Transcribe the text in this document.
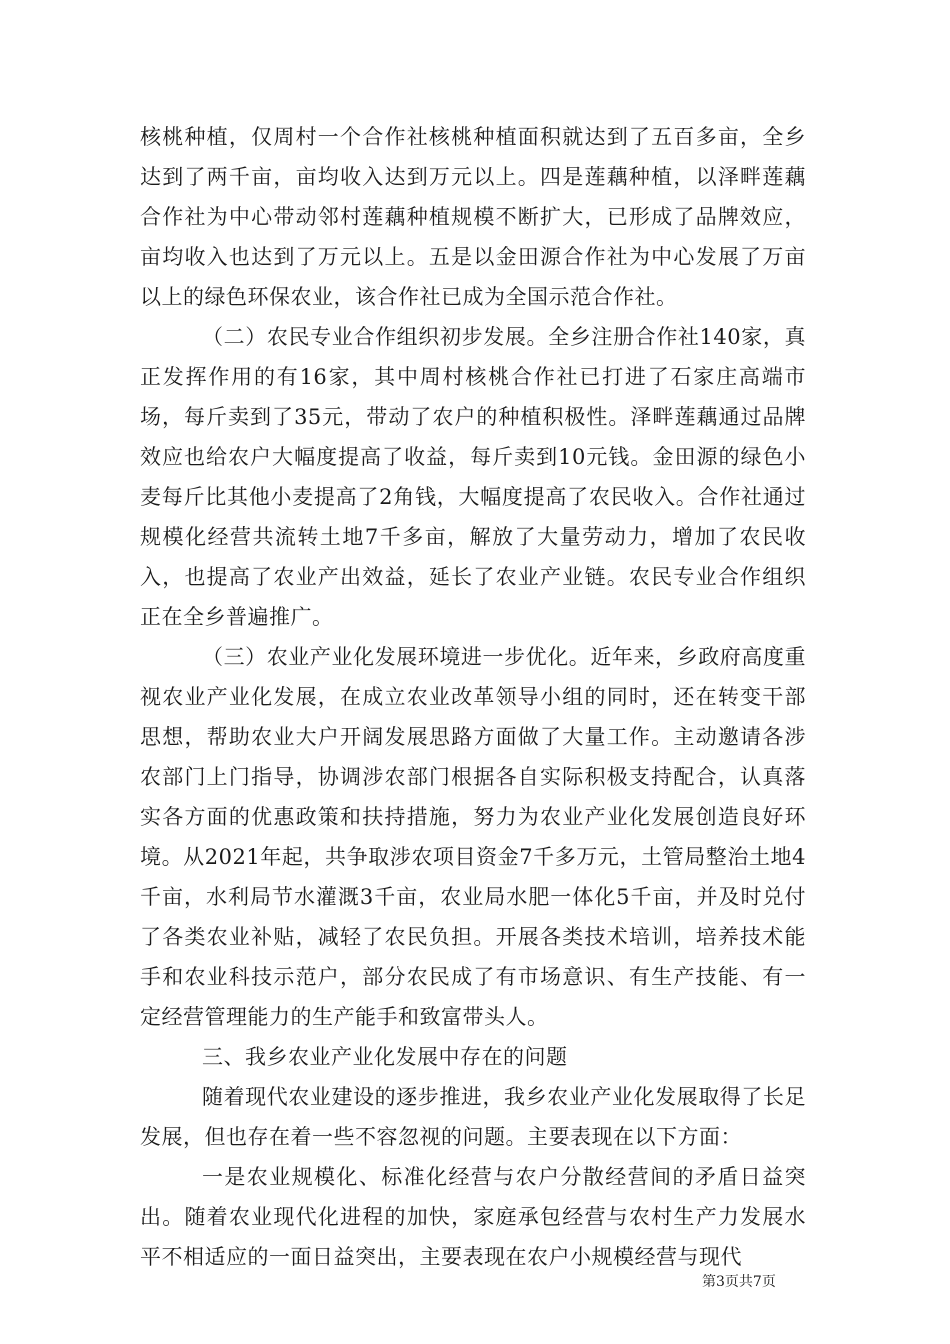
核桃种植，仅周村一个合作社核桃种植面积就达到了五百多亩，全乡达到了两千亩，亩均收入达到万元以上。四是莲藕种植，以泽畔莲藕合作社为中心带动邻村莲藕种植规模不断扩大，已形成了品牌效应，亩均收入也达到了万元以上。五是以金田源合作社为中心发展了万亩以上的绿色环保农业，该合作社已成为全国示范合作社。

（二）农民专业合作组织初步发展。全乡注册合作社140家，真正发挥作用的有16家，其中周村核桃合作社已打进了石家庄高端市场，每斤卖到了35元，带动了农户的种植积极性。泽畔莲藕通过品牌效应也给农户大幅度提高了收益，每斤卖到10元钱。金田源的绿色小麦每斤比其他小麦提高了2角钱，大幅度提高了农民收入。合作社通过规模化经营共流转土地7千多亩，解放了大量劳动力，增加了农民收入，也提高了农业产出效益，延长了农业产业链。农民专业合作组织正在全乡普遍推广。

（三）农业产业化发展环境进一步优化。近年来，乡政府高度重视农业产业化发展，在成立农业改革领导小组的同时，还在转变干部思想，帮助农业大户开阔发展思路方面做了大量工作。主动邀请各涉农部门上门指导，协调涉农部门根据各自实际积极支持配合，认真落实各方面的优惠政策和扶持措施，努力为农业产业化发展创造良好环境。从2021年起，共争取涉农项目资金7千多万元，土管局整治土地4千亩，水利局节水灌溉3千亩，农业局水肥一体化5千亩，并及时兑付了各类农业补贴，减轻了农民负担。开展各类技术培训，培养技术能手和农业科技示范户，部分农民成了有市场意识、有生产技能、有一定经营管理能力的生产能手和致富带头人。

三、我乡农业产业化发展中存在的问题

随着现代农业建设的逐步推进，我乡农业产业化发展取得了长足发展，但也存在着一些不容忽视的问题。主要表现在以下方面：

一是农业规模化、标准化经营与农户分散经营间的矛盾日益突出。随着农业现代化进程的加快，家庭承包经营与农村生产力发展水平不相适应的一面日益突出，主要表现在农户小规模经营与现代

第3页共7页
